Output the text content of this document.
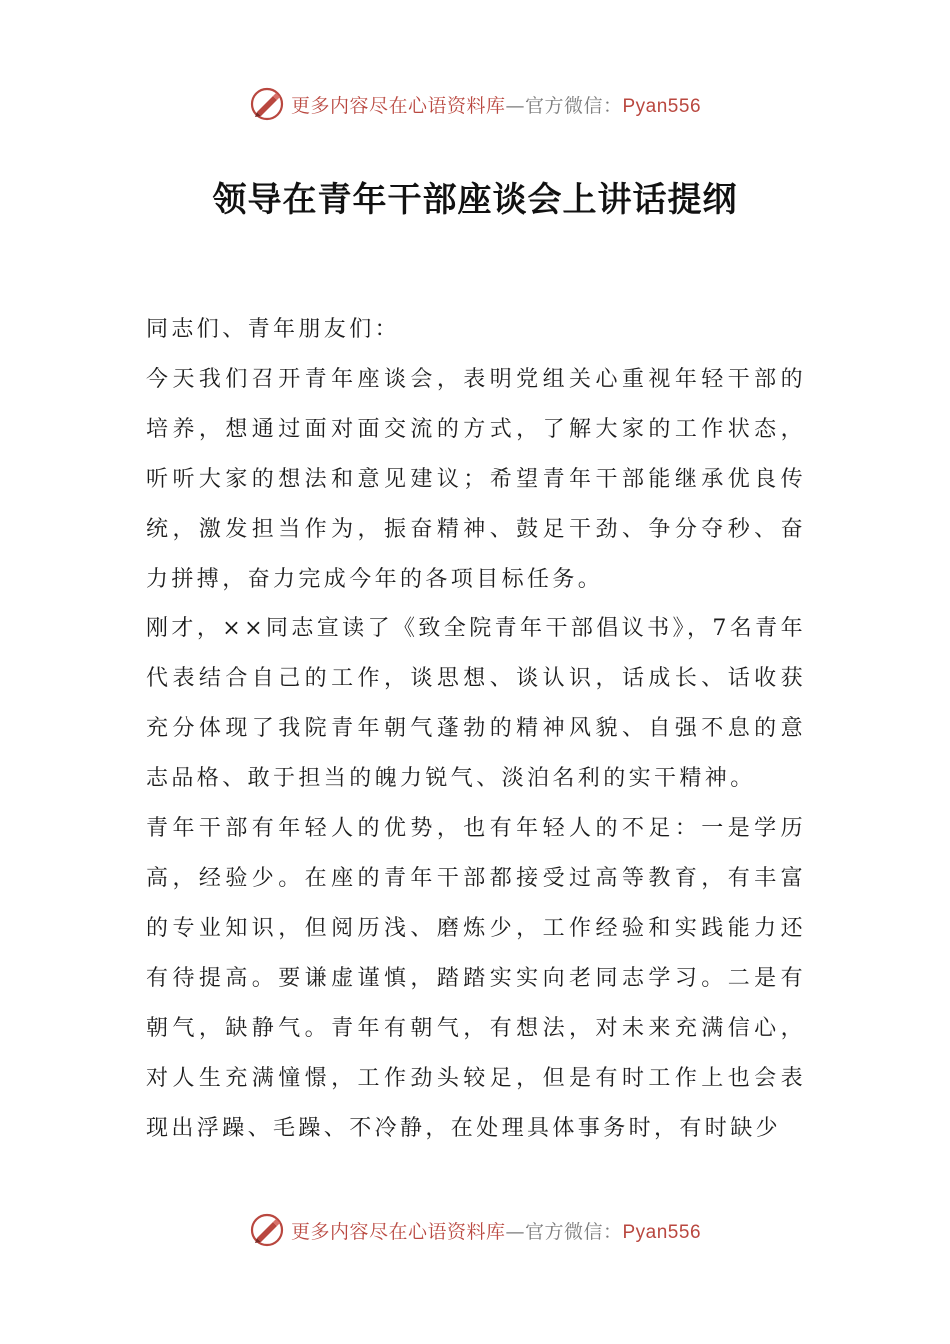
更多内容尽在心语资料库—官方微信：Pyan556
领导在青年干部座谈会上讲话提纲

同志们、青年朋友们：

今天我们召开青年座谈会，表明党组关心重视年轻干部的培养，想通过面对面交流的方式，了解大家的工作状态，听听大家的想法和意见建议；希望青年干部能继承优良传统，激发担当作为，振奋精神、鼓足干劲、争分夺秒、奋力拼搏，奋力完成今年的各项目标任务。

刚才，××同志宣读了《致全院青年干部倡议书》，7名青年代表结合自己的工作，谈思想、谈认识，话成长、话收获充分体现了我院青年朝气蓬勃的精神风貌、自强不息的意志品格、敢于担当的魄力锐气、淡泊名利的实干精神。

青年干部有年轻人的优势，也有年轻人的不足：一是学历高，经验少。在座的青年干部都接受过高等教育，有丰富的专业知识，但阅历浅、磨炼少，工作经验和实践能力还有待提高。要谦虚谨慎，踏踏实实向老同志学习。二是有朝气，缺静气。青年有朝气，有想法，对未来充满信心，对人生充满憧憬，工作劲头较足，但是有时工作上也会表现出浮躁、毛躁、不冷静，在处理具体事务时，有时缺少

更多内容尽在心语资料库—官方微信：Pyan556
